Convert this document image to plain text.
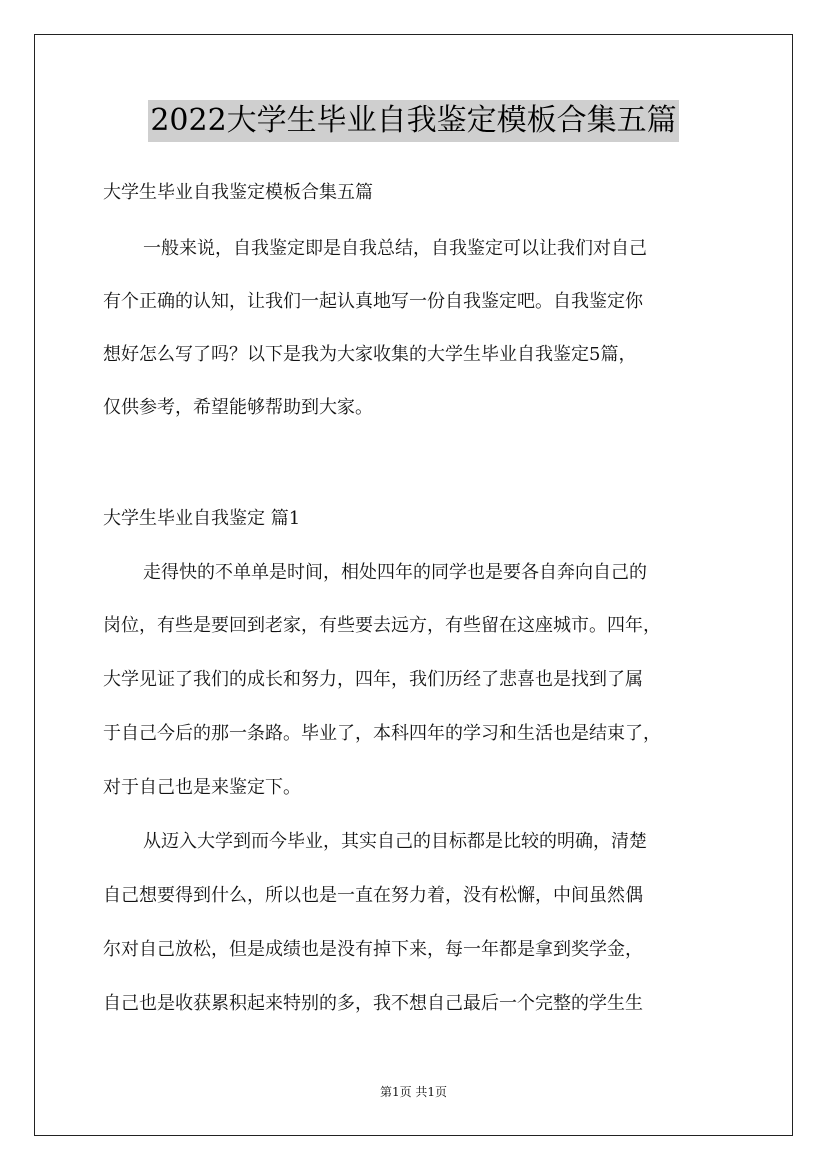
2022大学生毕业自我鉴定模板合集五篇
大学生毕业自我鉴定模板合集五篇
一般来说，自我鉴定即是自我总结，自我鉴定可以让我们对自己
有个正确的认知，让我们一起认真地写一份自我鉴定吧。自我鉴定你
想好怎么写了吗？以下是我为大家收集的大学生毕业自我鉴定5篇，
仅供参考，希望能够帮助到大家。
大学生毕业自我鉴定 篇1
走得快的不单单是时间，相处四年的同学也是要各自奔向自己的
岗位，有些是要回到老家，有些要去远方，有些留在这座城市。四年，
大学见证了我们的成长和努力，四年，我们历经了悲喜也是找到了属
于自己今后的那一条路。毕业了，本科四年的学习和生活也是结束了，
对于自己也是来鉴定下。
从迈入大学到而今毕业，其实自己的目标都是比较的明确，清楚
自己想要得到什么，所以也是一直在努力着，没有松懈，中间虽然偶
尔对自己放松，但是成绩也是没有掉下来，每一年都是拿到奖学金，
自己也是收获累积起来特别的多，我不想自己最后一个完整的学生生
第1页 共1页
